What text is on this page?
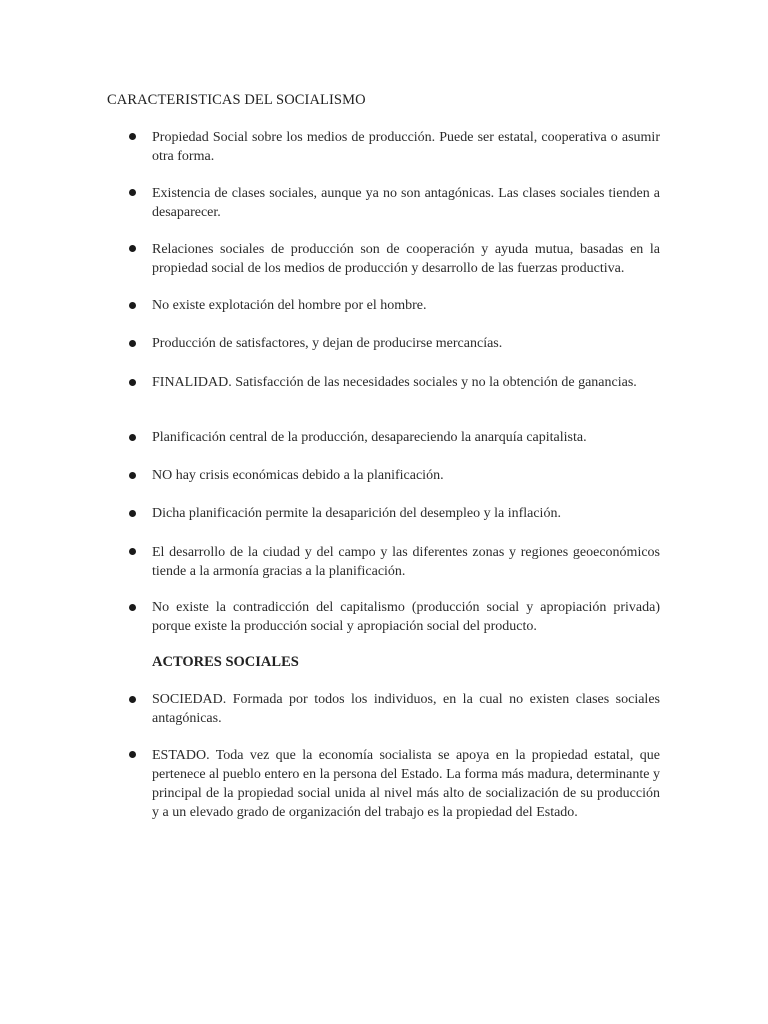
CARACTERISTICAS DEL SOCIALISMO
Propiedad Social sobre los medios de producción. Puede ser estatal, cooperativa o asumir otra forma.
Existencia de clases sociales, aunque ya no son antagónicas. Las clases sociales tienden a desaparecer.
Relaciones sociales de producción son de cooperación y ayuda mutua, basadas en la propiedad social de los medios de producción y desarrollo de las fuerzas productiva.
No existe explotación del hombre por el hombre.
Producción de satisfactores, y dejan de producirse mercancías.
FINALIDAD. Satisfacción de las necesidades sociales y no la obtención de ganancias.
Planificación central de la producción, desapareciendo la anarquía capitalista.
NO hay crisis económicas debido a la planificación.
Dicha planificación permite la desaparición del desempleo y la inflación.
El desarrollo de la ciudad y del campo y las diferentes zonas y regiones geoeconómicos tiende a la armonía gracias a la planificación.
No existe la contradicción del capitalismo (producción social y apropiación privada) porque existe la producción social y apropiación social del producto.
ACTORES SOCIALES
SOCIEDAD. Formada por todos los individuos, en la cual no existen clases sociales antagónicas.
ESTADO. Toda vez que la economía socialista se apoya en la propiedad estatal, que pertenece al pueblo entero en la persona del Estado. La forma más madura, determinante y principal de la propiedad social unida al nivel más alto de socialización de su producción y a un elevado grado de organización del trabajo es la propiedad del Estado.
